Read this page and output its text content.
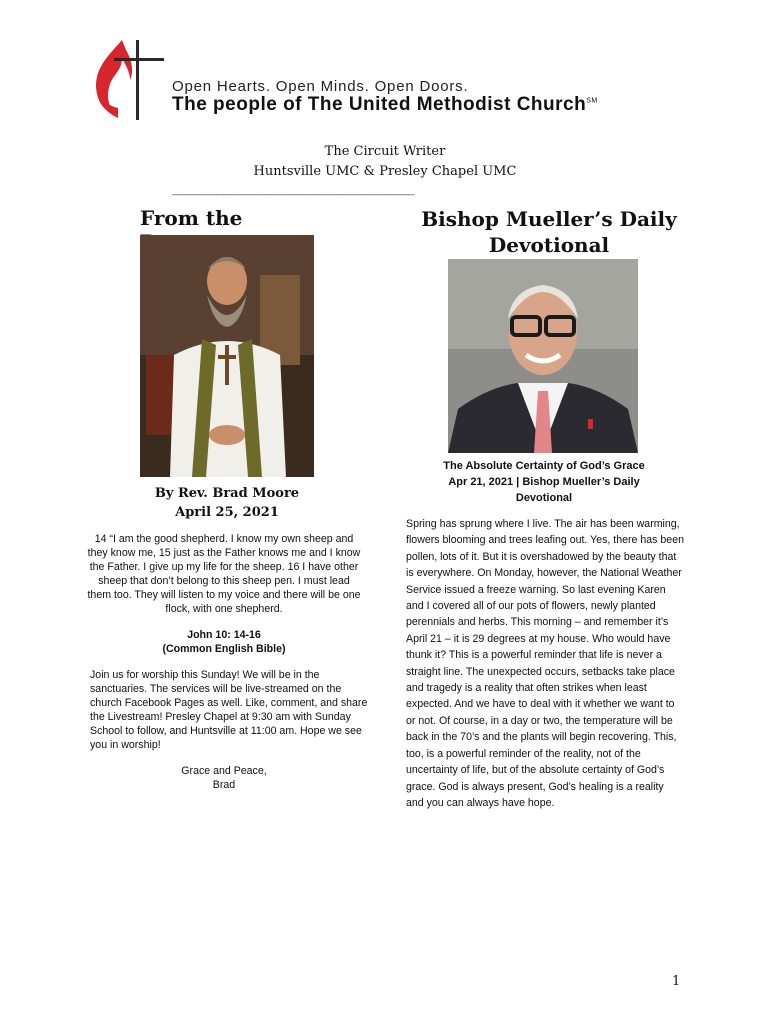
Open Hearts. Open Minds. Open Doors.
The people of The United Methodist Church℠
The Circuit Writer
Huntsville UMC & Presley Chapel UMC
___________________________________________
From the	Bishop Mueller’s Daily Devotional
By Rev. Brad Moore
April 25, 2021
14 “I am the good shepherd. I know my own sheep and they know me, 15 just as the Father knows me and I know the Father. I give up my life for the sheep. 16 I have other sheep that don’t belong to this sheep pen. I must lead them too. They will listen to my voice and there will be one flock, with one shepherd.
John 10: 14-16
(Common English Bible)
Join us for worship this Sunday! We will be in the sanctuaries. The services will be live-streamed on the church Facebook Pages as well. Like, comment, and share the Livestream! Presley Chapel at 9:30 am with Sunday School to follow, and Huntsville at 11:00 am. Hope we see you in worship!
Grace and Peace,
Brad
The Absolute Certainty of God’s Grace
Apr 21, 2021 | Bishop Mueller’s Daily Devotional
Spring has sprung where I live. The air has been warming, flowers blooming and trees leafing out. Yes, there has been pollen, lots of it. But it is overshadowed by the beauty that is everywhere. On Monday, however, the National Weather Service issued a freeze warning. So last evening Karen and I covered all of our pots of flowers, newly planted perennials and herbs. This morning – and remember it’s April 21 – it is 29 degrees at my house. Who would have thunk it? This is a powerful reminder that life is never a straight line. The unexpected occurs, setbacks take place and tragedy is a reality that often strikes when least expected. And we have to deal with it whether we want to or not. Of course, in a day or two, the temperature will be back in the 70’s and the plants will begin recovering. This, too, is a powerful reminder of the reality, not of the uncertainty of life, but of the absolute certainty of God’s grace. God is always present, God’s healing is a reality and you can always have hope.
1
